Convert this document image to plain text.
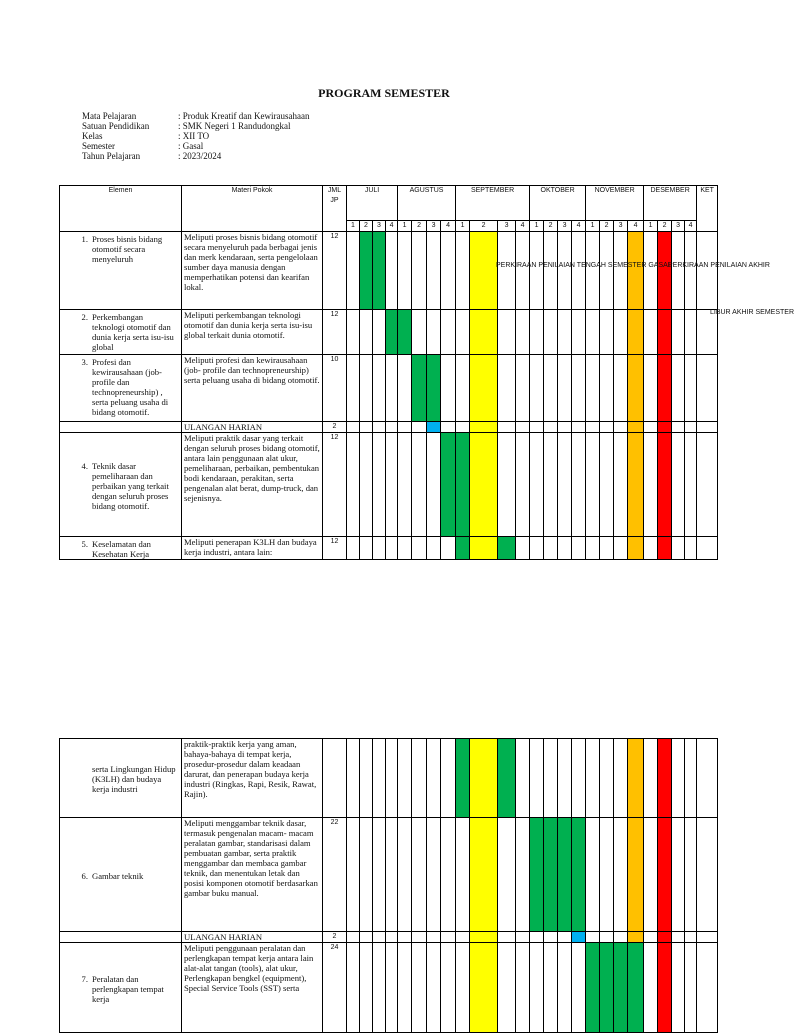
PROGRAM SEMESTER
Mata Pelajaran	: Produk Kreatif dan Kewirausahaan
Satuan Pendidikan	: SMK Negeri 1 Randudongkal
Kelas	: XII TO
Semester	: Gasal
Tahun Pelajaran	: 2023/2024
Elemen	Materi Pokok	JML JP	JULI				AGUSTUS				SEPTEMBER				OKTOBER				NOVEMBER				DESEMBER				KET
			1	2	3	4	1	2	3	4	1	2	3	4	1	2	3	4	1	2	3	4	1	2	3	4	

1. Proses bisnis bidang otomotif secara menyeluruh	Meliputi proses bisnis bidang otomotif secara menyeluruh pada berbagai jenis dan merk kendaraan, serta pengelolaan sumber daya manusia dengan memperhatikan potensi dan kearifan lokal.	12																									

2. Perkembangan teknologi otomotif dan dunia kerja serta isu-isu global	Meliputi perkembangan teknologi otomotif dan dunia kerja serta isu-isu global terkait dunia otomotif.	12																									

3. Profesi dan kewirausahaan (job-profile dan technopreneurship) , serta peluang usaha di bidang otomotif.	Meliputi profesi dan kewirausahaan (job- profile dan technopreneurship) serta peluang usaha di bidang otomotif.	10																									

	ULANGAN HARIAN	2																									

4. Teknik dasar pemeliharaan dan perbaikan yang terkait dengan seluruh proses bidang otomotif.	Meliputi praktik dasar yang terkait dengan seluruh proses bidang otomotif, antara lain penggunaan alat ukur, pemeliharaan, perbaikan, pembentukan bodi kendaraan, perakitan, serta pengenalan alat berat, dump-truck, dan sejenisnya.	12																									

5. Keselamatan dan Kesehatan Kerja	Meliputi penerapan K3LH dan budaya kerja industri, antara lain:	12																									
serta Lingkungan Hidup (K3LH) dan budaya kerja industri	praktik-praktik kerja yang aman, bahaya-bahaya di tempat kerja, prosedur-prosedur dalam keadaan darurat, dan penerapan budaya kerja industri (Ringkas, Rapi, Resik, Rawat, Rajin).																										

6. Gambar teknik	Meliputi menggambar teknik dasar, termasuk pengenalan macam- macam peralatan gambar, standarisasi dalam pembuatan gambar, serta praktik menggambar dan membaca gambar teknik, dan menentukan letak dan posisi komponen otomotif berdasarkan gambar buku manual.	22																									

	ULANGAN HARIAN	2																									

7. Peralatan dan perlengkapan tempat kerja	Meliputi penggunaan peralatan dan perlengkapan tempat kerja antara lain alat-alat tangan (tools), alat ukur, Perlengkapan bengkel (equipment), Special Service Tools (SST) serta	24																									
PERKIRAAN PENILAIAN TENGAH SEMESTER GASAL
PERKIRAAN PENILAIAN AKHIR
LIBUR AKHIR SEMESTER
